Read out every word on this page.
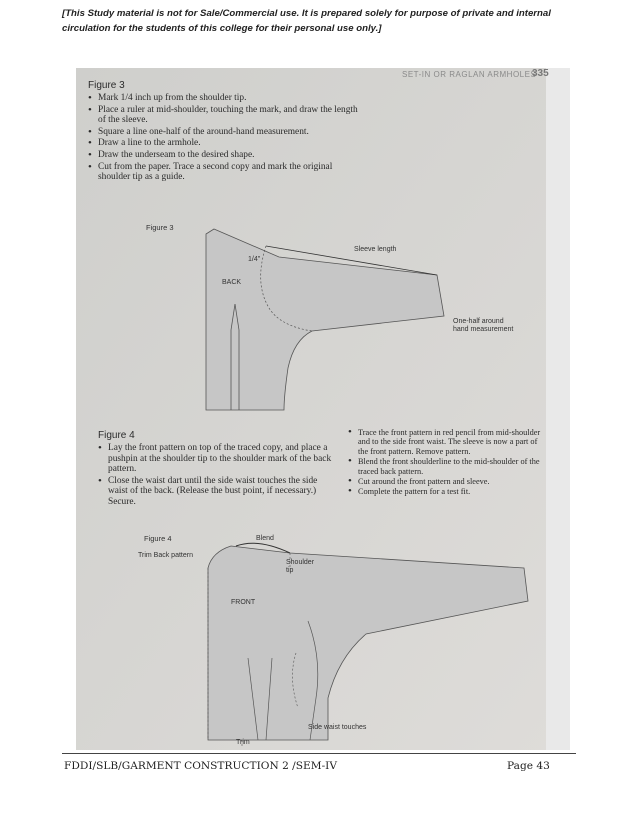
[This Study material is not for Sale/Commercial use. It is prepared solely for purpose of private and internal circulation for the students of this college for their personal use only.]
SET-IN OR RAGLAN ARMHOLES
335
Figure 3
• Mark 1/4 inch up from the shoulder tip.
• Place a ruler at mid-shoulder, touching the mark, and draw the length of the sleeve.
• Square a line one-half of the around-hand measurement.
• Draw a line to the armhole.
• Draw the underseam to the desired shape.
• Cut from the paper. Trace a second copy and mark the original shoulder tip as a guide.
Figure 3
1/4"
BACK
Sleeve length
One-half around hand measurement
Figure 4
• Lay the front pattern on top of the traced copy, and place a pushpin at the shoulder tip to the shoulder mark of the back pattern.
• Close the waist dart until the side waist touches the side waist of the back. (Release the bust point, if necessary.) Secure.
• Trace the front pattern in red pencil from mid-shoulder and to the side front waist. The sleeve is now a part of the front pattern. Remove pattern.
• Blend the front shoulderline to the mid-shoulder of the traced back pattern.
• Cut around the front pattern and sleeve.
• Complete the pattern for a test fit.
Figure 4	Blend
Trim Back pattern
Shoulder tip
FRONT
Side waist touches
Trim
FDDI/SLB/GARMENT CONSTRUCTION 2 /SEM-IV	Page 43
